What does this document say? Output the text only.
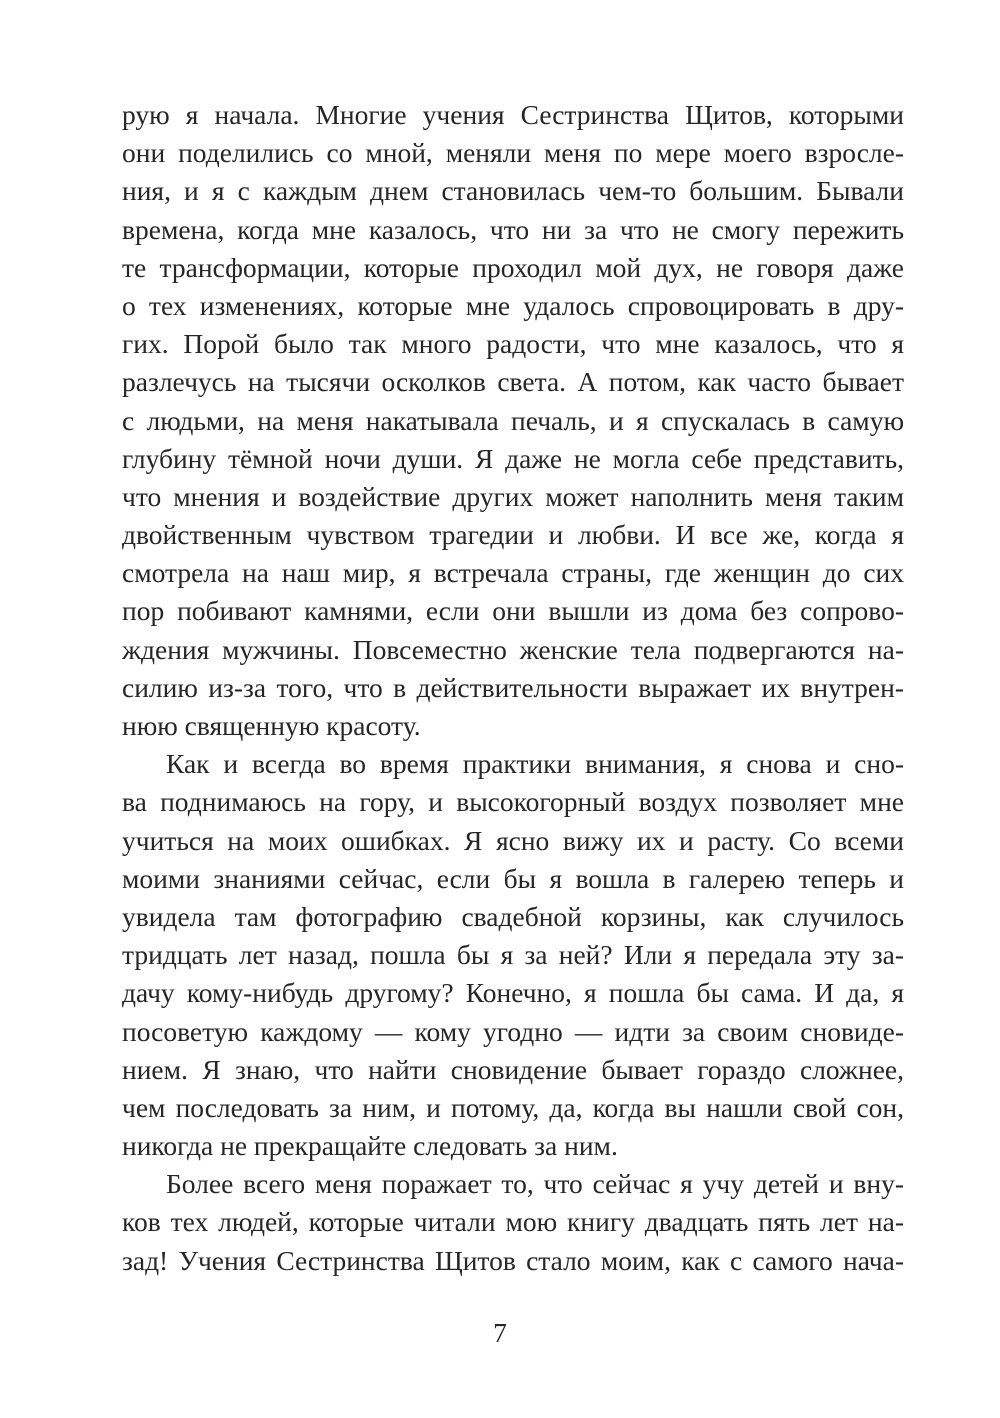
рую я начала. Многие учения Сестринства Щитов, которыми
они поделились со мной, меняли меня по мере моего взросле-
ния, и я с каждым днем становилась чем-то большим. Бывали
времена, когда мне казалось, что ни за что не смогу пережить
те трансформации, которые проходил мой дух, не говоря даже
о тех изменениях, которые мне удалось спровоцировать в дру-
гих. Порой было так много радости, что мне казалось, что я
разлечусь на тысячи осколков света. А потом, как часто бывает
с людьми, на меня накатывала печаль, и я спускалась в самую
глубину тёмной ночи души. Я даже не могла себе представить,
что мнения и воздействие других может наполнить меня таким
двойственным чувством трагедии и любви. И все же, когда я
смотрела на наш мир, я встречала страны, где женщин до сих
пор побивают камнями, если они вышли из дома без сопрово-
ждения мужчины. Повсеместно женские тела подвергаются на-
силию из-за того, что в действительности выражает их внутрен-
нюю священную красоту.
Как и всегда во время практики внимания, я снова и сно-
ва поднимаюсь на гору, и высокогорный воздух позволяет мне
учиться на моих ошибках. Я ясно вижу их и расту. Со всеми
моими знаниями сейчас, если бы я вошла в галерею теперь и
увидела там фотографию свадебной корзины, как случилось
тридцать лет назад, пошла бы я за ней? Или я передала эту за-
дачу кому-нибудь другому? Конечно, я пошла бы сама. И да, я
посоветую каждому — кому угодно — идти за своим сновиде-
нием. Я знаю, что найти сновидение бывает гораздо сложнее,
чем последовать за ним, и потому, да, когда вы нашли свой сон,
никогда не прекращайте следовать за ним.
Более всего меня поражает то, что сейчас я учу детей и вну-
ков тех людей, которые читали мою книгу двадцать пять лет на-
зад! Учения Сестринства Щитов стало моим, как с самого нача-
7
